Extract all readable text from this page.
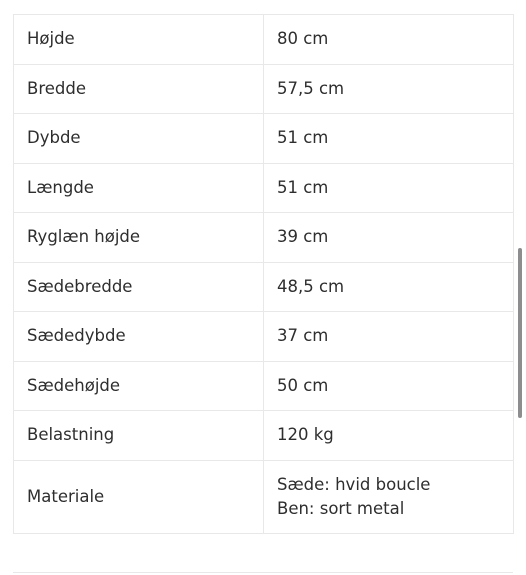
Højde	80 cm
Bredde	57,5 cm
Dybde	51 cm
Længde	51 cm
Ryglæn højde	39 cm
Sædebredde	48,5 cm
Sædedybde	37 cm
Sædehøjde	50 cm
Belastning	120 kg
Materiale	Sæde: hvid boucle
Ben: sort metal
